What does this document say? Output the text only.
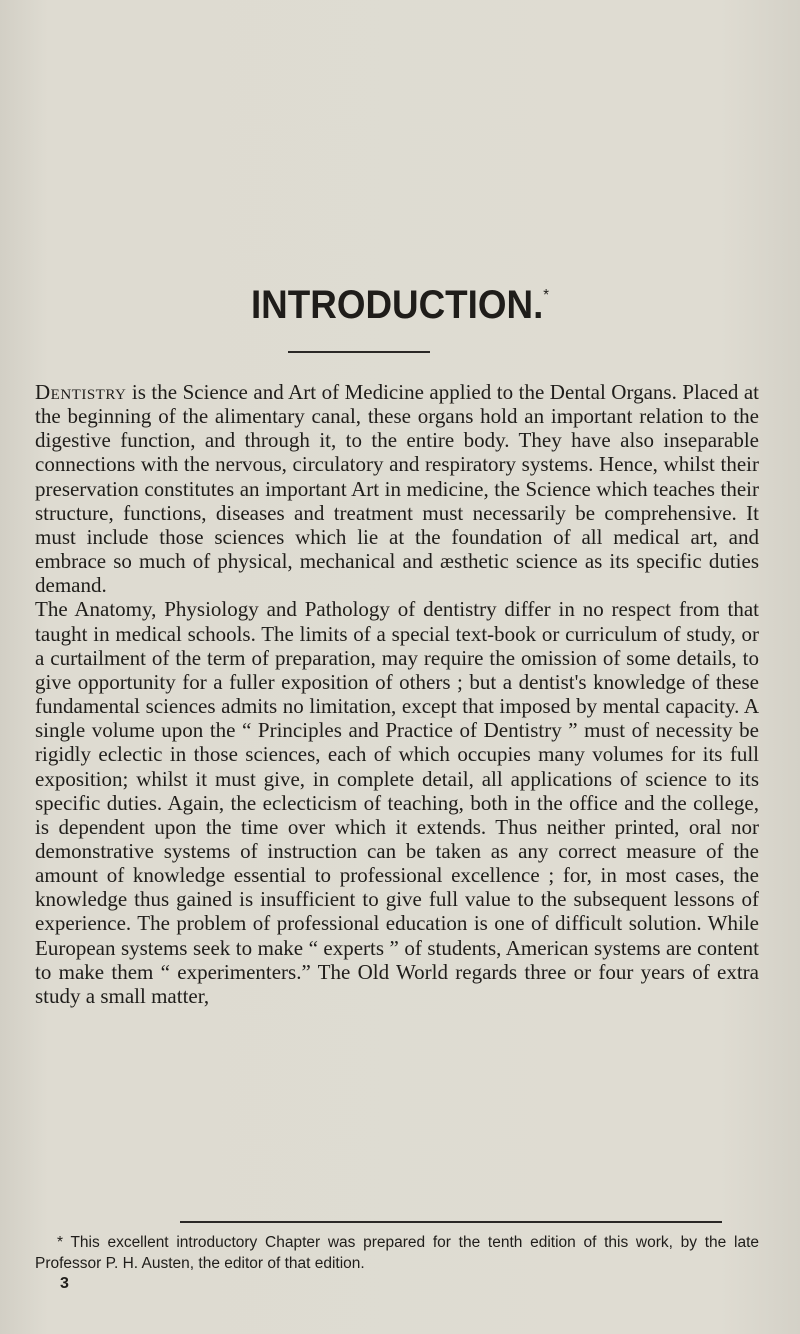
INTRODUCTION.*

Dentistry is the Science and Art of Medicine applied to the Dental Organs. Placed at the beginning of the alimentary canal, these organs hold an important relation to the digestive function, and through it, to the entire body. They have also inseparable connections with the nervous, circulatory and respiratory systems. Hence, whilst their preservation constitutes an important Art in medicine, the Science which teaches their structure, functions, diseases and treatment must necessarily be comprehensive. It must include those sciences which lie at the foundation of all medical art, and embrace so much of physical, mechanical and æsthetic science as its specific duties demand.

The Anatomy, Physiology and Pathology of dentistry differ in no respect from that taught in medical schools. The limits of a special text-book or curriculum of study, or a curtailment of the term of preparation, may require the omission of some details, to give opportunity for a fuller exposition of others ; but a dentist's knowledge of these fundamental sciences admits no limitation, except that imposed by mental capacity. A single volume upon the “ Principles and Practice of Dentistry ” must of necessity be rigidly eclectic in those sciences, each of which occupies many volumes for its full exposition; whilst it must give, in complete detail, all applications of science to its specific duties. Again, the eclecticism of teaching, both in the office and the college, is dependent upon the time over which it extends. Thus neither printed, oral nor demonstrative systems of instruction can be taken as any correct measure of the amount of knowledge essential to professional excellence ; for, in most cases, the knowledge thus gained is insufficient to give full value to the subsequent lessons of experience. The problem of professional education is one of difficult solution. While European systems seek to make “ experts ” of students, American systems are content to make them “ experimenters.” The Old World regards three or four years of extra study a small matter,

* This excellent introductory Chapter was prepared for the tenth edition of this work, by the late Professor P. H. Austen, the editor of that edition.

3
